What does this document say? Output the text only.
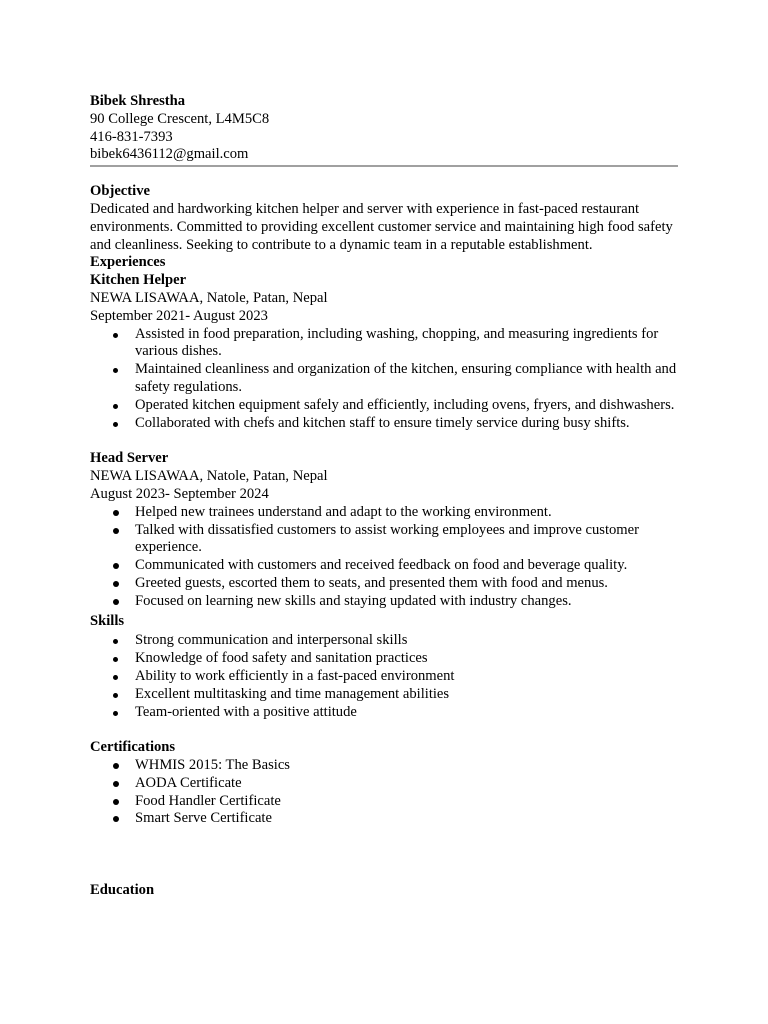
Bibek Shrestha
90 College Crescent, L4M5C8
416-831-7393
bibek6436112@gmail.com
Objective
Dedicated and hardworking kitchen helper and server with experience in fast-paced restaurant environments. Committed to providing excellent customer service and maintaining high food safety and cleanliness. Seeking to contribute to a dynamic team in a reputable establishment.
Experiences
Kitchen Helper
NEWA LISAWAA, Natole, Patan, Nepal
September 2021- August 2023
Assisted in food preparation, including washing, chopping, and measuring ingredients for various dishes.
Maintained cleanliness and organization of the kitchen, ensuring compliance with health and safety regulations.
Operated kitchen equipment safely and efficiently, including ovens, fryers, and dishwashers.
Collaborated with chefs and kitchen staff to ensure timely service during busy shifts.
Head Server
NEWA LISAWAA, Natole, Patan, Nepal
August 2023- September 2024
Helped new trainees understand and adapt to the working environment.
Talked with dissatisfied customers to assist working employees and improve customer experience.
Communicated with customers and received feedback on food and beverage quality.
Greeted guests, escorted them to seats, and presented them with food and menus.
Focused on learning new skills and staying updated with industry changes.
Skills
Strong communication and interpersonal skills
Knowledge of food safety and sanitation practices
Ability to work efficiently in a fast-paced environment
Excellent multitasking and time management abilities
Team-oriented with a positive attitude
Certifications
WHMIS 2015: The Basics
AODA Certificate
Food Handler Certificate
Smart Serve Certificate
Education
